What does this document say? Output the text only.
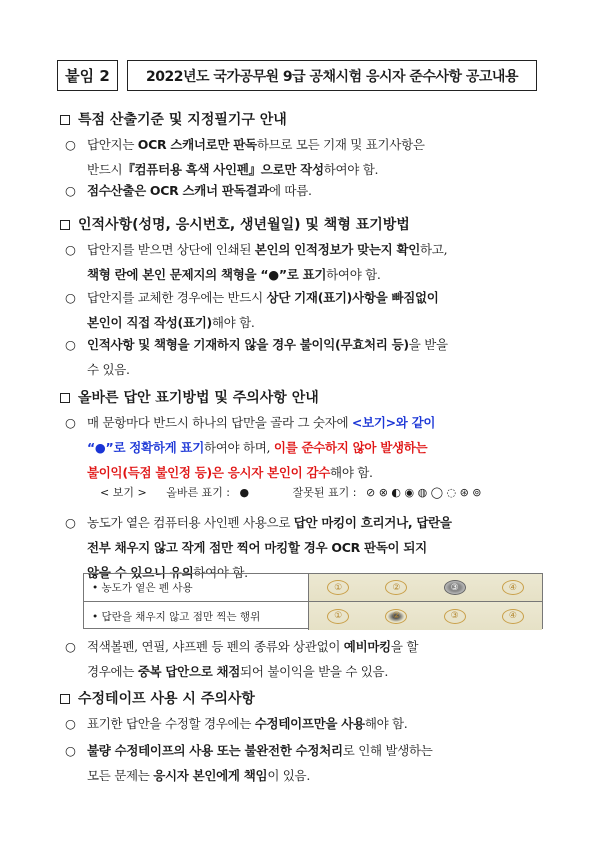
붙임 2	2022년도 국가공무원 9급 공채시험 응시자 준수사항 공고내용
특점 산출기준 및 지정필기구 안내
○ 답안지는 OCR 스캐너로만 판독하므로 모든 기재 및 표기사항은
반드시『컴퓨터용 흑색 사인펜』으로만 작성하여야 함.
○ 점수산출은 OCR 스캐너 판독결과에 따름.
인적사항(성명, 응시번호, 생년월일) 및 책형 표기방법
○ 답안지를 받으면 상단에 인쇄된 본인의 인적정보가 맞는지 확인하고,
책형 란에 본인 문제지의 책형을 “●”로 표기하여야 함.
○ 답안지를 교체한 경우에는 반드시 상단 기재(표기)사항을 빠짐없이
본인이 직접 작성(표기)해야 함.
○ 인적사항 및 책형을 기재하지 않을 경우 불이익(무효처리 등)을 받을
수 있음.
올바른 답안 표기방법 및 주의사항 안내
○ 매 문항마다 반드시 하나의 답만을 골라 그 숫자에 <보기>와 같이
“●”로 정확하게 표기하여야 하며, 이를 준수하지 않아 발생하는
불이익(득점 불인정 등)은 응시자 본인이 감수해야 함.
< 보기 > 올바른 표기 : ●	잘못된 표기 : ⊘ ⊗ ◐ ◉ ◍ ◯ ◌ ⊛ ⊚
○ 농도가 옅은 컴퓨터용 사인펜 사용으로 답안 마킹이 흐리거나, 답란을
전부 채우지 않고 작게 점만 찍어 마킹할 경우 OCR 판독이 되지
않을 수 있으니 유의하여야 함.
• 농도가 옅은 펜 사용	①	②	③	④
• 답란을 채우지 않고 점만 찍는 행위	①	②	③	④
○ 적색볼펜, 연필, 샤프펜 등 펜의 종류와 상관없이 예비마킹을 할
경우에는 중복 답안으로 채점되어 불이익을 받을 수 있음.
수정테이프 사용 시 주의사항
○ 표기한 답안을 수정할 경우에는 수정테이프만을 사용해야 함.
○ 불량 수정테이프의 사용 또는 불완전한 수정처리로 인해 발생하는
모든 문제는 응시자 본인에게 책임이 있음.
